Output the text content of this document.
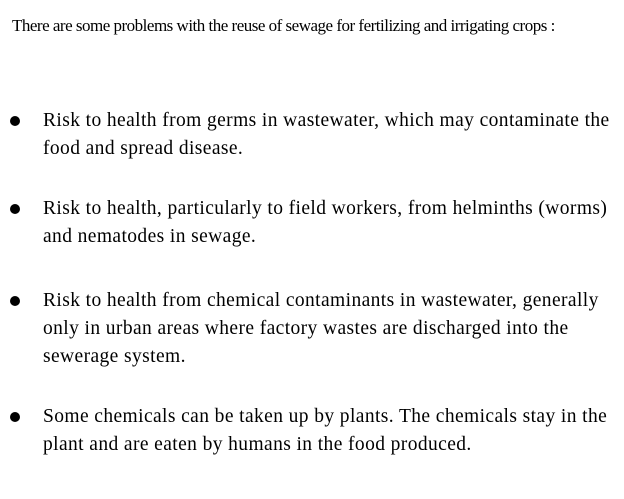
There are some problems with the reuse of sewage for fertilizing and irrigating crops :

Risk to health from germs in wastewater, which may contaminate the food and spread disease.

Risk to health, particularly to field workers, from helminths (worms) and nematodes in sewage.

Risk to health from chemical contaminants in wastewater, generally only in urban areas where factory wastes are discharged into the sewerage system.

Some chemicals can be taken up by plants. The chemicals stay in the plant and are eaten by humans in the food produced.
